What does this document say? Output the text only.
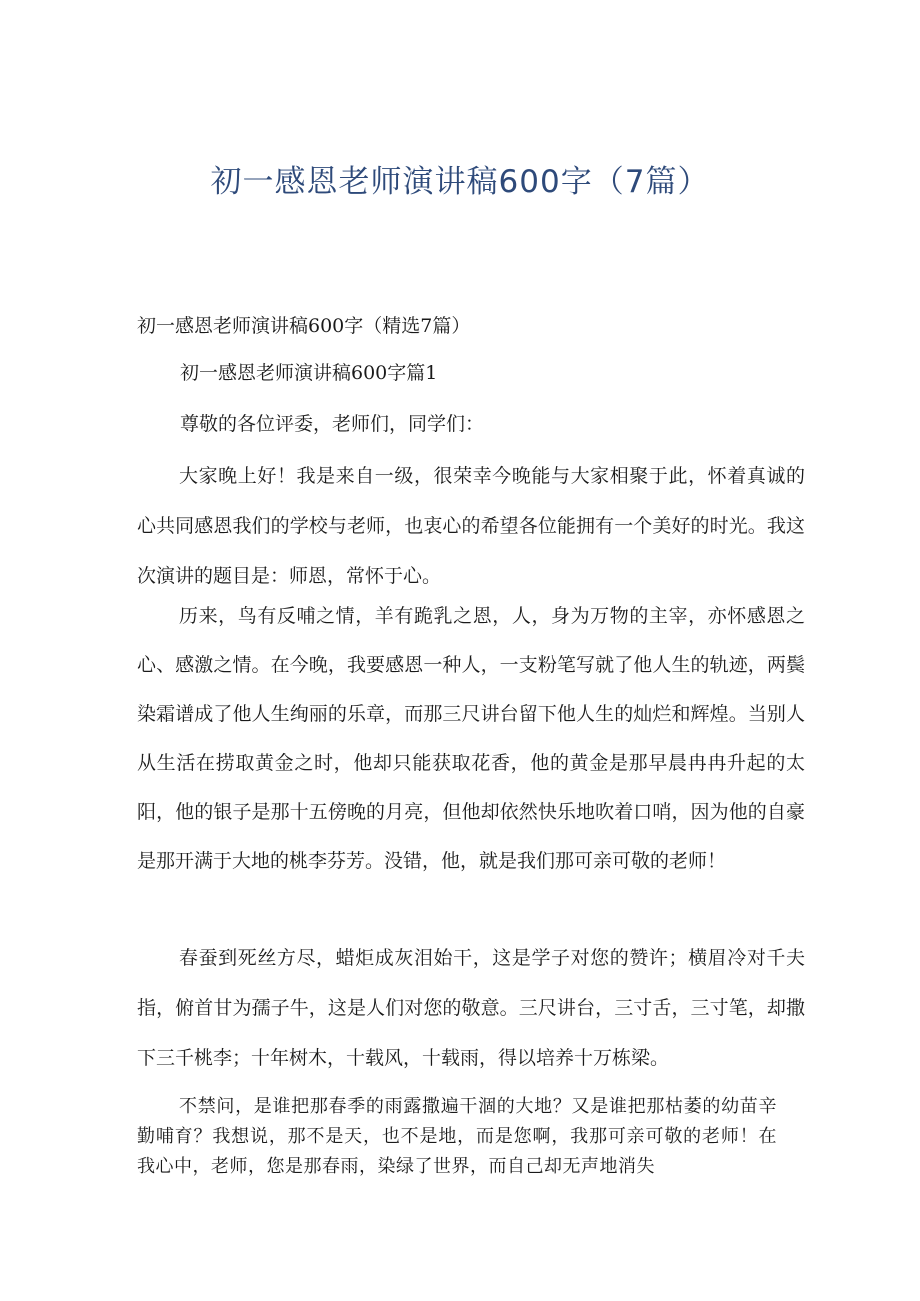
初一感恩老师演讲稿600字（7篇）
初一感恩老师演讲稿600字（精选7篇）
初一感恩老师演讲稿600字篇1
尊敬的各位评委，老师们，同学们：

大家晚上好！我是来自一级，很荣幸今晚能与大家相聚于此，怀着真诚的心共同感恩我们的学校与老师，也衷心的希望各位能拥有一个美好的时光。我这次演讲的题目是：师恩，常怀于心。

历来，鸟有反哺之情，羊有跪乳之恩，人，身为万物的主宰，亦怀感恩之心、感激之情。在今晚，我要感恩一种人，一支粉笔写就了他人生的轨迹，两鬓染霜谱成了他人生绚丽的乐章，而那三尺讲台留下他人生的灿烂和辉煌。当别人从生活在捞取黄金之时，他却只能获取花香，他的黄金是那早晨冉冉升起的太阳，他的银子是那十五傍晚的月亮，但他却依然快乐地吹着口哨，因为他的自豪是那开满于大地的桃李芬芳。没错，他，就是我们那可亲可敬的老师！

春蚕到死丝方尽，蜡炬成灰泪始干，这是学子对您的赞许；横眉冷对千夫指，俯首甘为孺子牛，这是人们对您的敬意。三尺讲台，三寸舌，三寸笔，却撒下三千桃李；十年树木，十载风，十载雨，得以培养十万栋梁。

不禁问，是谁把那春季的雨露撒遍干涸的大地？又是谁把那枯萎的幼苗辛勤哺育？我想说，那不是天，也不是地，而是您啊，我那可亲可敬的老师！在我心中，老师，您是那春雨，染绿了世界，而自己却无声地消失
